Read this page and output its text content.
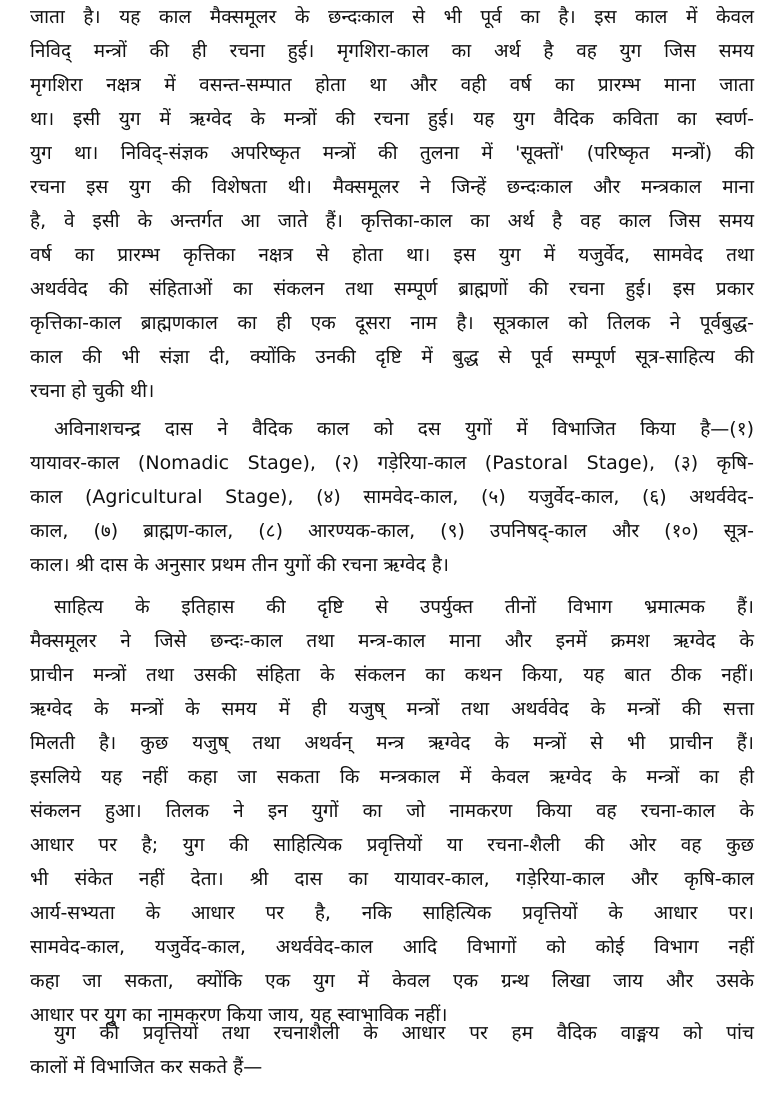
जाता है। यह काल मैक्समूलर के छन्दःकाल से भी पूर्व का है। इस काल में केवल
निविद् मन्त्रों की ही रचना हुई। मृगशिरा-काल का अर्थ है वह युग जिस समय
मृगशिरा नक्षत्र में वसन्त-सम्पात होता था और वही वर्ष का प्रारम्भ माना जाता
था। इसी युग में ऋग्वेद के मन्त्रों की रचना हुई। यह युग वैदिक कविता का स्वर्ण-
युग था। निविद्-संज्ञक अपरिष्कृत मन्त्रों की तुलना में 'सूक्तों' (परिष्कृत मन्त्रों) की
रचना इस युग की विशेषता थी। मैक्समूलर ने जिन्हें छन्दःकाल और मन्त्रकाल माना
है, वे इसी के अन्तर्गत आ जाते हैं। कृत्तिका-काल का अर्थ है वह काल जिस समय
वर्ष का प्रारम्भ कृत्तिका नक्षत्र से होता था। इस युग में यजुर्वेद, सामवेद तथा
अथर्ववेद की संहिताओं का संकलन तथा सम्पूर्ण ब्राह्मणों की रचना हुई। इस प्रकार
कृत्तिका-काल ब्राह्मणकाल का ही एक दूसरा नाम है। सूत्रकाल को तिलक ने पूर्वबुद्ध-
काल की भी संज्ञा दी, क्योंकि उनकी दृष्टि में बुद्ध से पूर्व सम्पूर्ण सूत्र-साहित्य की
रचना हो चुकी थी।
अविनाशचन्द्र दास ने वैदिक काल को दस युगों में विभाजित किया है—(१)
यायावर-काल (Nomadic Stage), (२) गड़ेरिया-काल (Pastoral Stage), (३) कृषि-
काल (Agricultural Stage), (४) सामवेद-काल, (५) यजुर्वेद-काल, (६) अथर्ववेद-
काल, (७) ब्राह्मण-काल, (८) आरण्यक-काल, (९) उपनिषद्-काल और (१०) सूत्र-
काल। श्री दास के अनुसार प्रथम तीन युगों की रचना ऋग्वेद है।
साहित्य के इतिहास की दृष्टि से उपर्युक्त तीनों विभाग भ्रमात्मक हैं।
मैक्समूलर ने जिसे छन्दः-काल तथा मन्त्र-काल माना और इनमें क्रमश ऋग्वेद के
प्राचीन मन्त्रों तथा उसकी संहिता के संकलन का कथन किया, यह बात ठीक नहीं।
ऋग्वेद के मन्त्रों के समय में ही यजुष् मन्त्रों तथा अथर्ववेद के मन्त्रों की सत्ता
मिलती है। कुछ यजुष् तथा अथर्वन् मन्त्र ऋग्वेद के मन्त्रों से भी प्राचीन हैं।
इसलिये यह नहीं कहा जा सकता कि मन्त्रकाल में केवल ऋग्वेद के मन्त्रों का ही
संकलन हुआ। तिलक ने इन युगों का जो नामकरण किया वह रचना-काल के
आधार पर है; युग की साहित्यिक प्रवृत्तियों या रचना-शैली की ओर वह कुछ
भी संकेत नहीं देता। श्री दास का यायावर-काल, गड़ेरिया-काल और कृषि-काल
आर्य-सभ्यता के आधार पर है, नकि साहित्यिक प्रवृत्तियों के आधार पर।
सामवेद-काल, यजुर्वेद-काल, अथर्ववेद-काल आदि विभागों को कोई विभाग नहीं
कहा जा सकता, क्योंकि एक युग में केवल एक ग्रन्थ लिखा जाय और उसके
आधार पर युग का नामकरण किया जाय, यह स्वाभाविक नहीं।
युग की प्रवृत्तियों तथा रचनाशैली के आधार पर हम वैदिक वाङ्मय को पांच
कालों में विभाजित कर सकते हैं—
